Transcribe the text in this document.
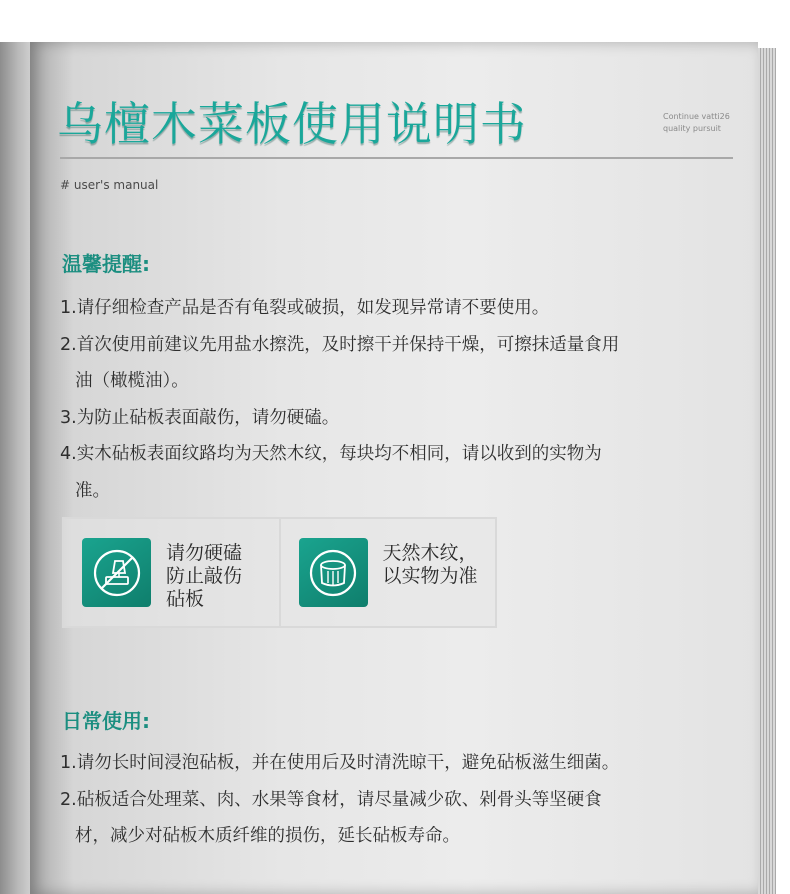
乌檀木菜板使用说明书	Continue vatti26
quality pursuit
# user's manual
温馨提醒:
1.请仔细检查产品是否有龟裂或破损，如发现异常请不要使用。
2.首次使用前建议先用盐水擦洗，及时擦干并保持干燥，可擦抹适量食用油（橄榄油）。
3.为防止砧板表面敲伤，请勿硬磕。
4.实木砧板表面纹路均为天然木纹，每块均不相同，请以收到的实物为准。
请勿硬磕
防止敲伤
砧板
天然木纹，
以实物为准
日常使用:
1.请勿长时间浸泡砧板，并在使用后及时清洗晾干，避免砧板滋生细菌。
2.砧板适合处理菜、肉、水果等食材，请尽量减少砍、剁骨头等坚硬食材，减少对砧板木质纤维的损伤，延长砧板寿命。
